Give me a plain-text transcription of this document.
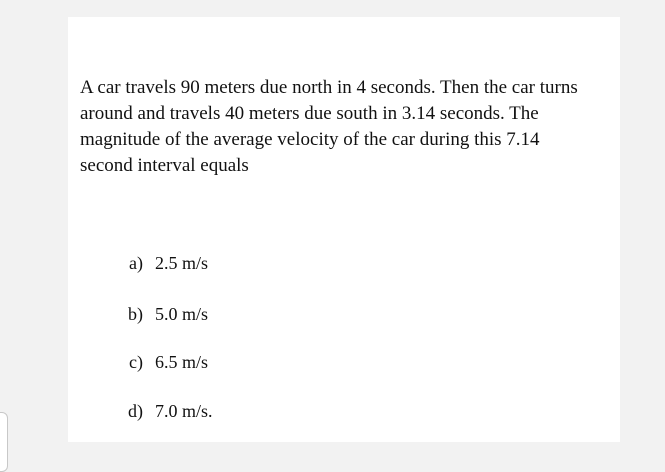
A car travels 90 meters due north in 4 seconds. Then the car turns around and travels 40 meters due south in 3.14 seconds. The magnitude of the average velocity of the car during this 7.14 second interval equals

a) 2.5 m/s

b) 5.0 m/s

c) 6.5 m/s

d) 7.0 m/s.
